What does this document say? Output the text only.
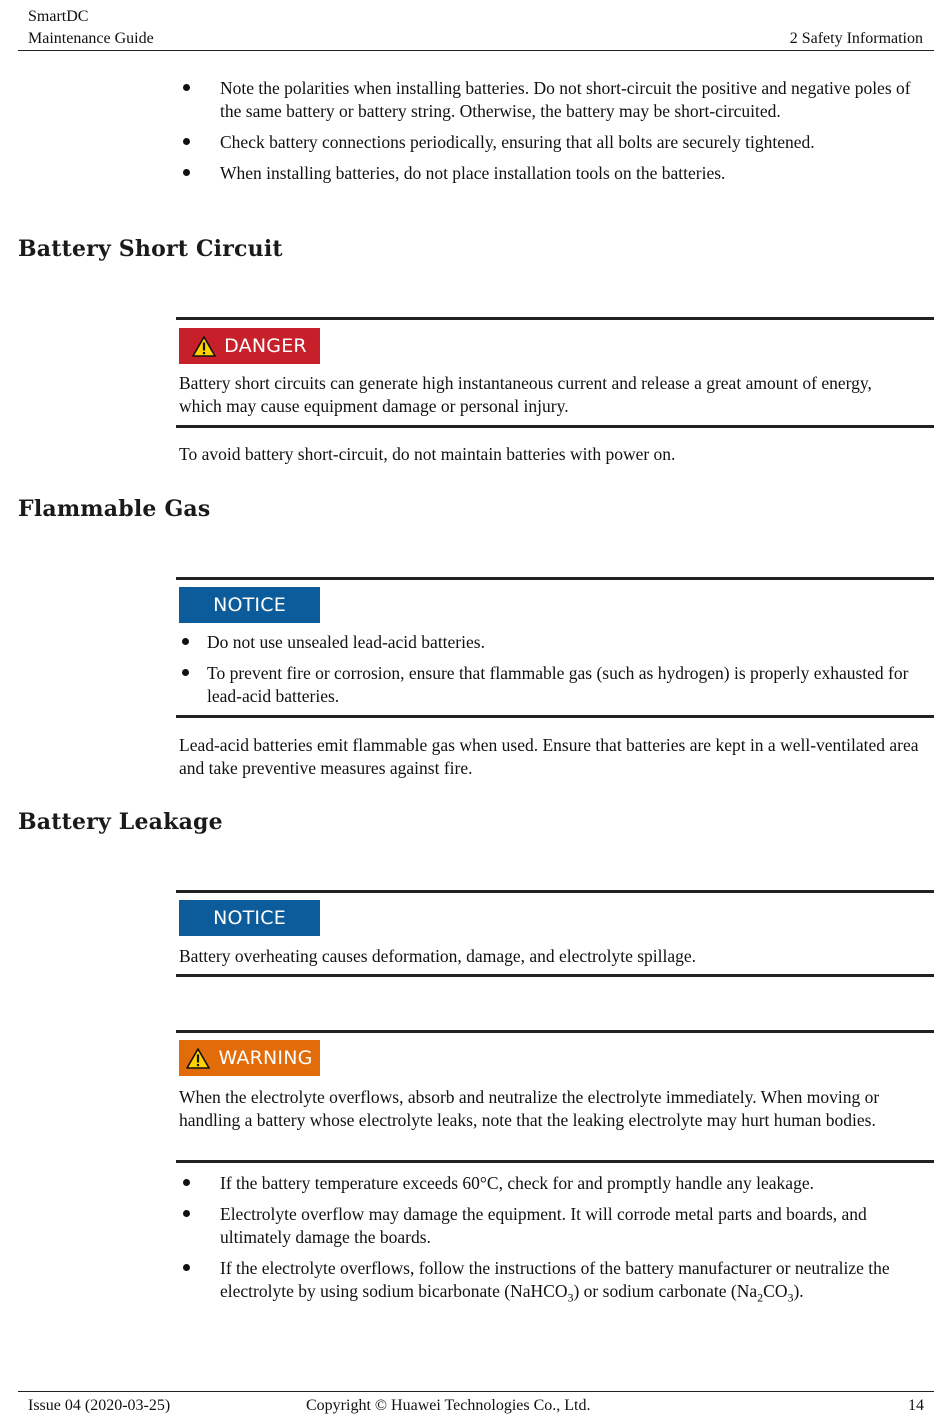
SmartDC
Maintenance Guide	2 Safety Information
Note the polarities when installing batteries. Do not short-circuit the positive and negative poles of the same battery or battery string. Otherwise, the battery may be short-circuited.
Check battery connections periodically, ensuring that all bolts are securely tightened.
When installing batteries, do not place installation tools on the batteries.
Battery Short Circuit
DANGER
Battery short circuits can generate high instantaneous current and release a great amount of energy, which may cause equipment damage or personal injury.
To avoid battery short-circuit, do not maintain batteries with power on.
Flammable Gas
NOTICE
Do not use unsealed lead-acid batteries.
To prevent fire or corrosion, ensure that flammable gas (such as hydrogen) is properly exhausted for lead-acid batteries.
Lead-acid batteries emit flammable gas when used. Ensure that batteries are kept in a well-ventilated area and take preventive measures against fire.
Battery Leakage
NOTICE
Battery overheating causes deformation, damage, and electrolyte spillage.
WARNING
When the electrolyte overflows, absorb and neutralize the electrolyte immediately. When moving or handling a battery whose electrolyte leaks, note that the leaking electrolyte may hurt human bodies.
If the battery temperature exceeds 60°C, check for and promptly handle any leakage.
Electrolyte overflow may damage the equipment. It will corrode metal parts and boards, and ultimately damage the boards.
If the electrolyte overflows, follow the instructions of the battery manufacturer or neutralize the electrolyte by using sodium bicarbonate (NaHCO$_3$) or sodium carbonate $(Na_2CO_3)$.
Issue 04 (2020-03-25)	Copyright © Huawei Technologies Co., Ltd.	14
